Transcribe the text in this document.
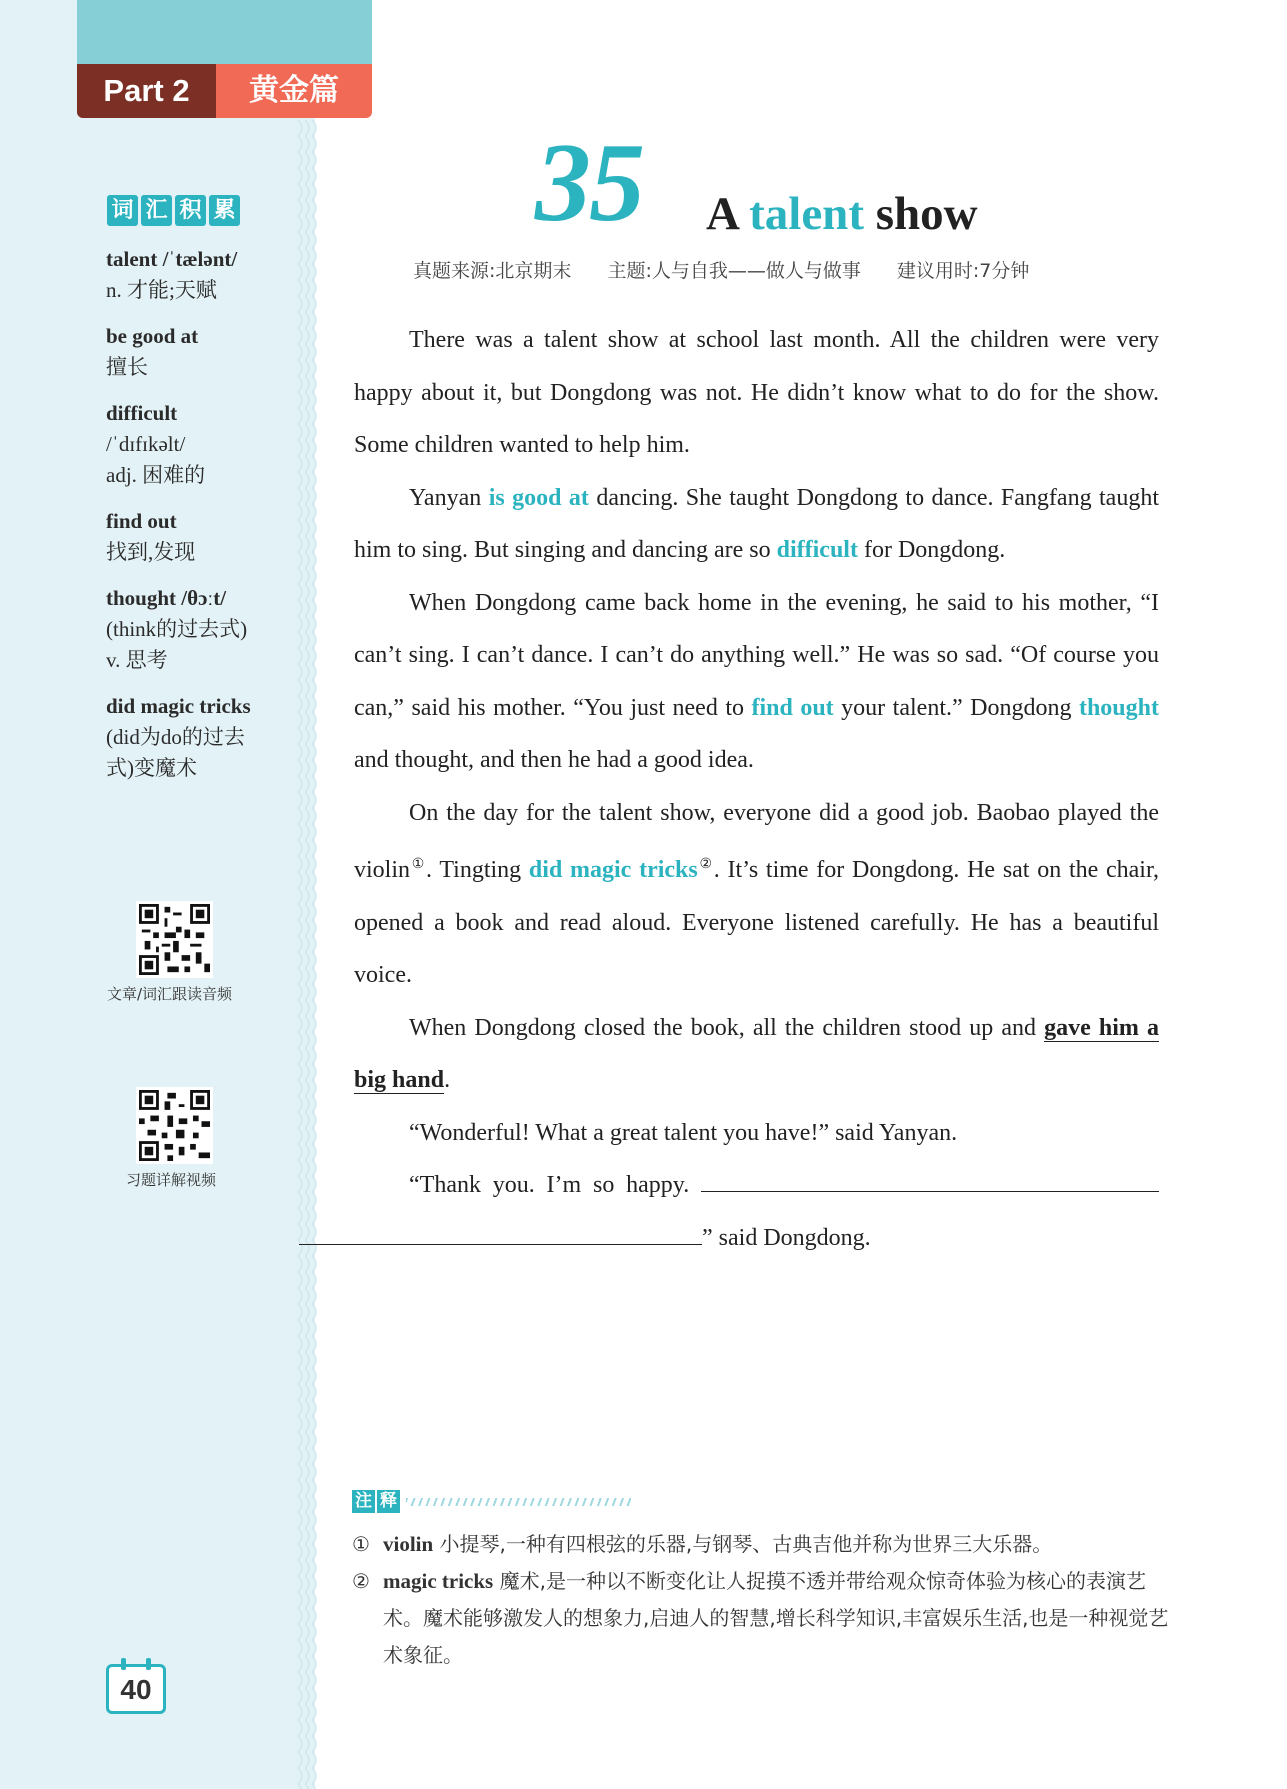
Part 2	黄金篇
词 汇 积 累
talent /ˈtælənt/
n. 才能;天赋
be good at
擅长
difficult
/ˈdɪfɪkəlt/
adj. 困难的
find out
找到,发现
thought /θɔːt/
(think的过去式)
v. 思考
did magic tricks
(did为do的过去
式)变魔术
文章/词汇跟读音频
习题详解视频
40
35 A talent show
真题来源:北京期末 主题:人与自我——做人与做事 建议用时:7分钟

There was a talent show at school last month. All the children were very happy about it, but Dongdong was not. He didn’t know what to do for the show. Some children wanted to help him.

Yanyan is good at dancing. She taught Dongdong to dance. Fangfang taught him to sing. But singing and dancing are so difficult for Dongdong.

When Dongdong came back home in the evening, he said to his mother, “I can’t sing. I can’t dance. I can’t do anything well.” He was so sad. “Of course you can,” said his mother. “You just need to find out your talent.” Dongdong thought and thought, and then he had a good idea.

On the day for the talent show, everyone did a good job. Baobao played the violin①. Tingting did magic tricks②. It’s time for Dongdong. He sat on the chair, opened a book and read aloud. Everyone listened carefully. He has a beautiful voice.

When Dongdong closed the book, all the children stood up and gave him a big hand.

“Wonderful! What a great talent you have!” said Yanyan.

“Thank you. I’m so happy. ” said Dongdong.

注 释
① violin 小提琴,一种有四根弦的乐器,与钢琴、古典吉他并称为世界三大乐器。
② magic tricks 魔术,是一种以不断变化让人捉摸不透并带给观众惊奇体验为核心的表演艺术。魔术能够激发人的想象力,启迪人的智慧,增长科学知识,丰富娱乐生活,也是一种视觉艺术象征。
